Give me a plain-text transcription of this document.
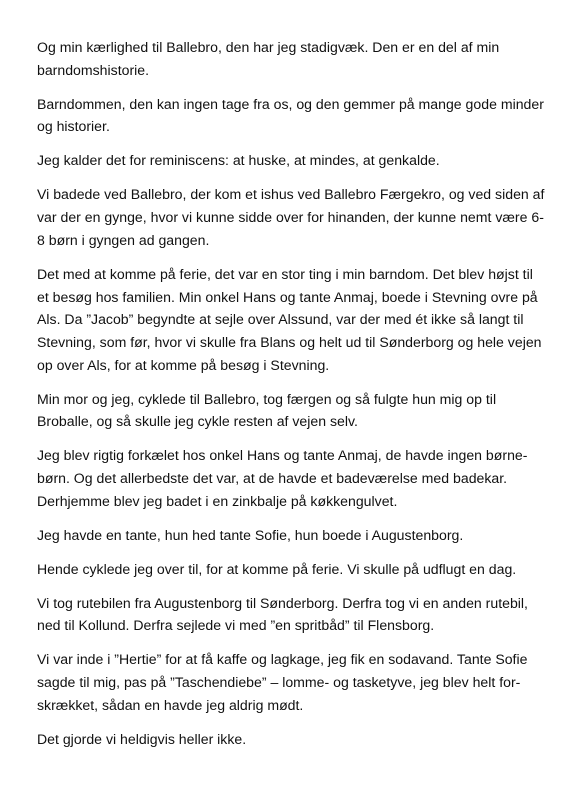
Og min kærlighed til Ballebro, den har jeg stadigvæk. Den er en del af min barndomshistorie.

Barndommen, den kan ingen tage fra os, og den gemmer på mange gode minder og historier.

Jeg kalder det for reminiscens: at huske, at mindes, at genkalde.

Vi badede ved Ballebro, der kom et ishus ved Ballebro Færgekro, og ved siden af var der en gynge, hvor vi kunne sidde over for hinanden, der kunne nemt være 6-8 børn i gyngen ad gangen.

Det med at komme på ferie, det var en stor ting i min barndom. Det blev højst til et besøg hos familien. Min onkel Hans og tante Anmaj, boede i Stevning ovre på Als. Da ”Jacob” begyndte at sejle over Alssund, var der med ét ikke så langt til Stevning, som før, hvor vi skulle fra Blans og helt ud til Sønderborg og hele vejen op over Als, for at komme på besøg i Stevning.

Min mor og jeg, cyklede til Ballebro, tog færgen og så fulgte hun mig op til Broballe, og så skulle jeg cykle resten af vejen selv.

Jeg blev rigtig forkælet hos onkel Hans og tante Anmaj, de havde ingen børne-børn. Og det allerbedste det var, at de havde et badeværelse med badekar. Derhjemme blev jeg badet i en zinkbalje på køkkengulvet.

Jeg havde en tante, hun hed tante Sofie, hun boede i Augustenborg.

Hende cyklede jeg over til, for at komme på ferie. Vi skulle på udflugt en dag.

Vi tog rutebilen fra Augustenborg til Sønderborg. Derfra tog vi en anden rutebil, ned til Kollund. Derfra sejlede vi med ”en spritbåd” til Flensborg.

Vi var inde i ”Hertie” for at få kaffe og lagkage, jeg fik en sodavand. Tante Sofie sagde til mig, pas på ”Taschendiebe” – lomme- og tasketyve, jeg blev helt for-skrækket, sådan en havde jeg aldrig mødt.

Det gjorde vi heldigvis heller ikke.
